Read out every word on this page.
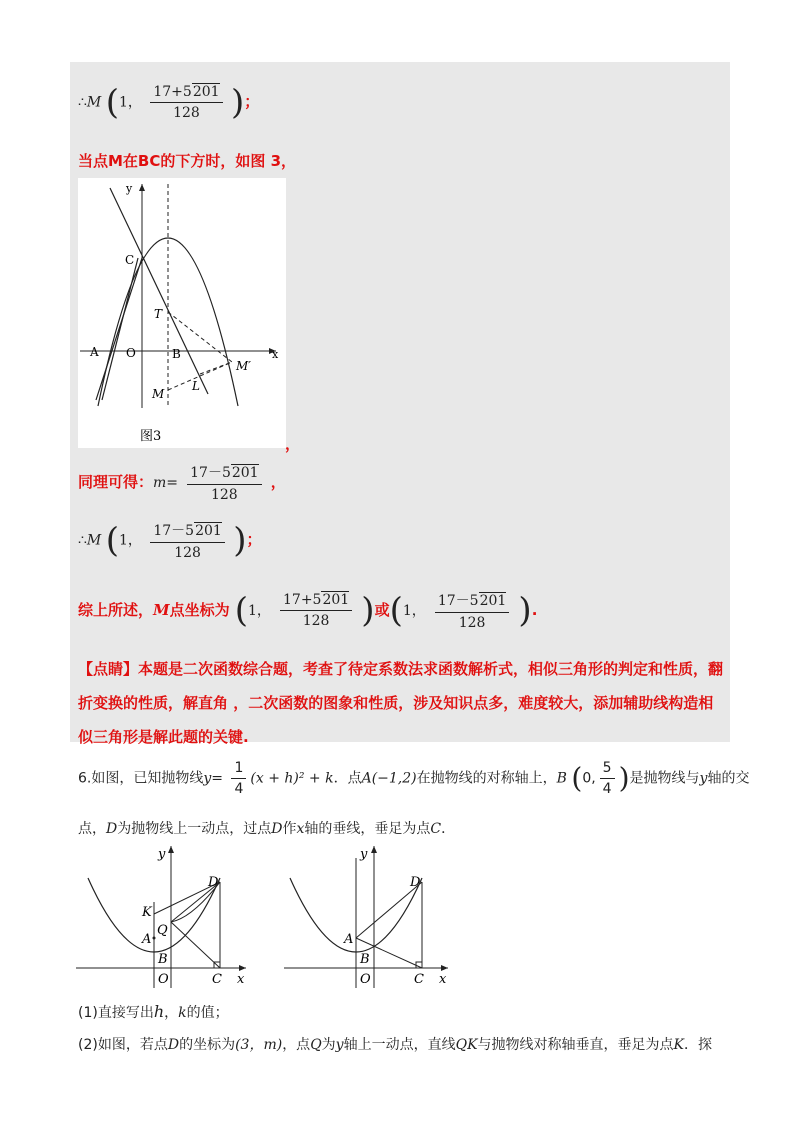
∴M (1， $\frac{17+5201}{128}$ )；
当点M在BC的下方时，如图 3，
y
x
C
A O	B
T
M′
M
L
图3	，
同理可得：$m= \frac{17-5201}{128}$ ，
∴M (1， $\frac{17-5201}{128}$ )；
综上所述，M点坐标为 (1， $\frac{17+5201}{128}$ )或(1， $\frac{17-5201}{128}$ ).
【点睛】本题是二次函数综合题，考查了待定系数法求函数解析式，相似三角形的判定和性质，翻折变换的性质，解直角 ，二次函数的图象和性质，涉及知识点多，难度较大，添加辅助线构造相似三角形是解此题的关键.
6.如图，已知抛物线$y= \frac{1}{4} (x + h)^2 + k$．点A(−1,2)在抛物线的对称轴上，B (0, $\frac{5}{4}$ )是抛物线与y轴的交
点，D为抛物线上一动点，过点D作x轴的垂线，垂足为点C．
y
x
D
K
Q
A
B
O	C
y
x
D
A
B
O	C
(1)直接写出h，k的值；
(2)如图，若点D的坐标为(3，m)，点Q为y轴上一动点，直线QK与抛物线对称轴垂直，垂足为点K．探
